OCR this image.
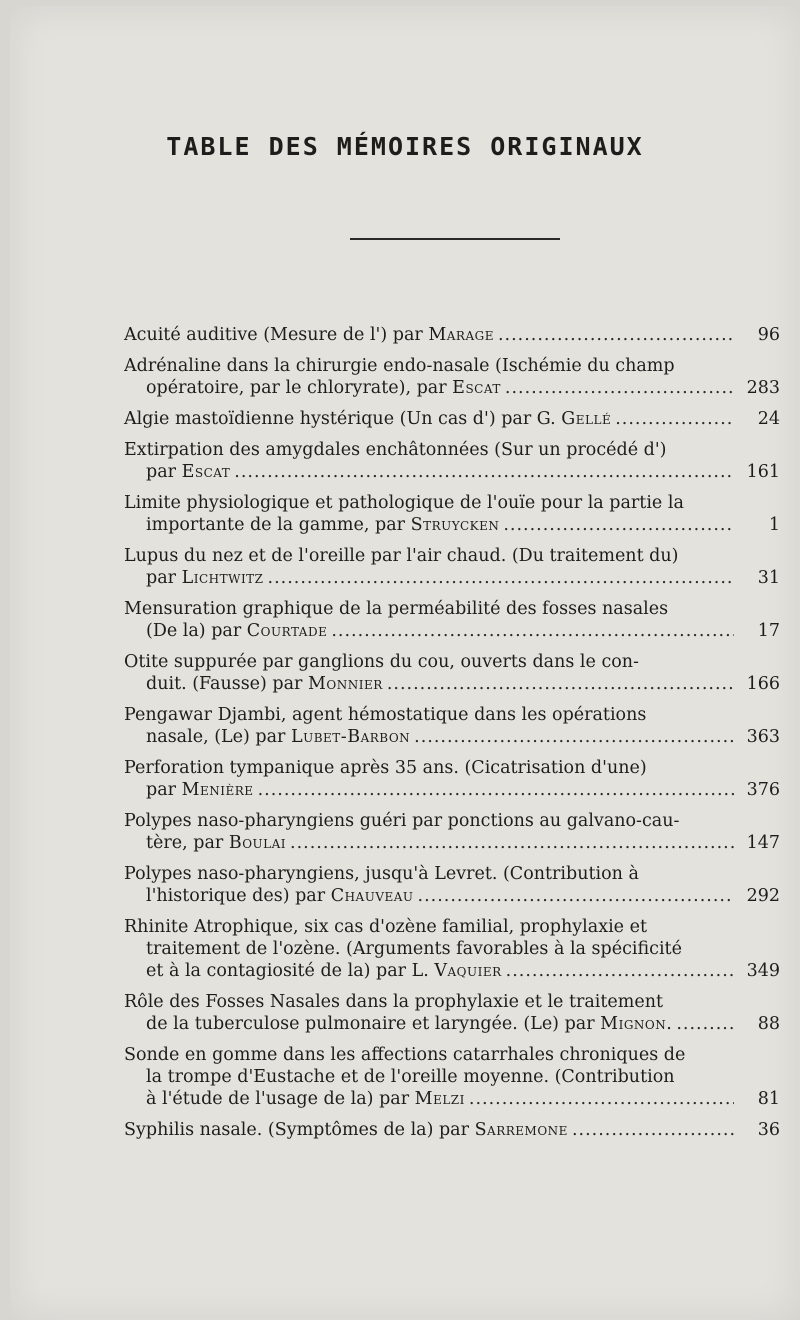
TABLE DES MÉMOIRES ORIGINAUX
Acuité auditive (Mesure de l') par Marage .....	96
Adrénaline dans la chirurgie endo-nasale (Ischémie du champ
opératoire, par le chloryrate), par Escat .....	283
Algie mastoïdienne hystérique (Un cas d') par G. Gellé .....	24
Extirpation des amygdales enchâtonnées (Sur un procédé d')
par Escat .....	161
Limite physiologique et pathologique de l'ouïe pour la partie la
importante de la gamme, par Struycken .....	1
Lupus du nez et de l'oreille par l'air chaud. (Du traitement du)
par Lichtwitz .....	31
Mensuration graphique de la perméabilité des fosses nasales
(De la) par Courtade .....	17
Otite suppurée par ganglions du cou, ouverts dans le con-
duit. (Fausse) par Monnier .....	166
Pengawar Djambi, agent hémostatique dans les opérations
nasale, (Le) par Lubet-Barbon .....	363
Perforation tympanique après 35 ans. (Cicatrisation d'une)
par Menière .....	376
Polypes naso-pharyngiens guéri par ponctions au galvano-cau-
tère, par Boulai .....	147
Polypes naso-pharyngiens, jusqu'à Levret. (Contribution à
l'historique des) par Chauveau .....	292
Rhinite Atrophique, six cas d'ozène familial, prophylaxie et
traitement de l'ozène. (Arguments favorables à la spécificité
et à la contagiosité de la) par L. Vaquier .....	349
Rôle des Fosses Nasales dans la prophylaxie et le traitement
de la tuberculose pulmonaire et laryngée. (Le) par Mignon. .....	88
Sonde en gomme dans les affections catarrhales chroniques de
la trompe d'Eustache et de l'oreille moyenne. (Contribution
à l'étude de l'usage de la) par Melzi .....	81
Syphilis nasale. (Symptômes de la) par Sarremone .....	36
